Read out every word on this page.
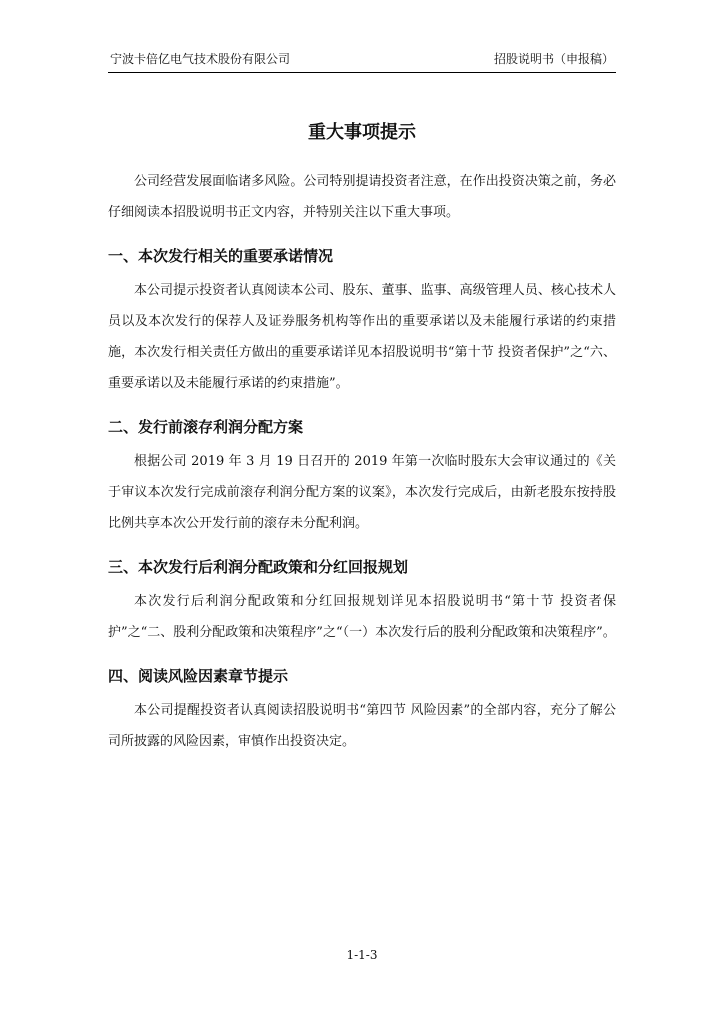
宁波卡倍亿电气技术股份有限公司	招股说明书（申报稿）
重大事项提示

公司经营发展面临诸多风险。公司特别提请投资者注意，在作出投资决策之前，务必仔细阅读本招股说明书正文内容，并特别关注以下重大事项。

一、本次发行相关的重要承诺情况

本公司提示投资者认真阅读本公司、股东、董事、监事、高级管理人员、核心技术人员以及本次发行的保荐人及证券服务机构等作出的重要承诺以及未能履行承诺的约束措施，本次发行相关责任方做出的重要承诺详见本招股说明书“第十节 投资者保护”之“六、重要承诺以及未能履行承诺的约束措施”。

二、发行前滚存利润分配方案

根据公司 2019 年 3 月 19 日召开的 2019 年第一次临时股东大会审议通过的《关于审议本次发行完成前滚存利润分配方案的议案》，本次发行完成后，由新老股东按持股比例共享本次公开发行前的滚存未分配利润。

三、本次发行后利润分配政策和分红回报规划

本次发行后利润分配政策和分红回报规划详见本招股说明书“第十节 投资者保护”之“二、股利分配政策和决策程序”之“（一）本次发行后的股利分配政策和决策程序”。

四、阅读风险因素章节提示

本公司提醒投资者认真阅读招股说明书“第四节 风险因素”的全部内容，充分了解公司所披露的风险因素，审慎作出投资决定。

1-1-3
